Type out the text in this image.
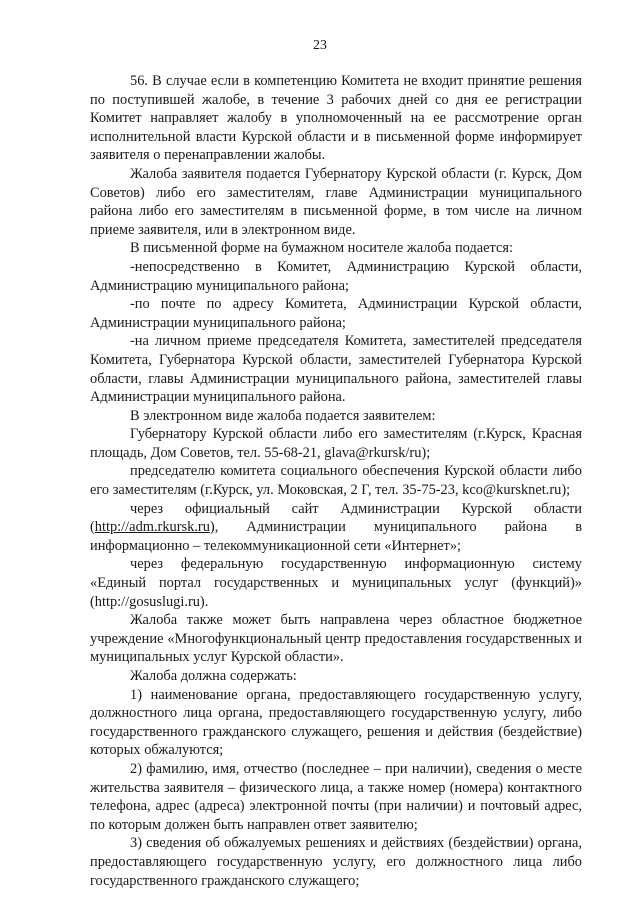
23

56. В случае если в компетенцию Комитета не входит принятие решения по поступившей жалобе, в течение 3 рабочих дней со дня ее регистрации Комитет направляет жалобу в уполномоченный на ее рассмотрение орган исполнительной власти Курской области и в письменной форме информирует заявителя о перенаправлении жалобы.

Жалоба заявителя подается Губернатору Курской области (г. Курск, Дом Советов) либо его заместителям, главе Администрации муниципального района либо его заместителям в письменной форме, в том числе на личном приеме заявителя, или в электронном виде.

В письменной форме на бумажном носителе жалоба подается:

-непосредственно в Комитет, Администрацию Курской области, Администрацию муниципального района;

-по почте по адресу Комитета, Администрации Курской области, Администрации муниципального района;

-на личном приеме председателя Комитета, заместителей председателя Комитета, Губернатора Курской области, заместителей Губернатора Курской области, главы Администрации муниципального района, заместителей главы Администрации муниципального района.

В электронном виде жалоба подается заявителем:

Губернатору Курской области либо его заместителям (г.Курск, Красная площадь, Дом Советов, тел. 55-68-21, glava@rkursk/ru);

председателю комитета социального обеспечения Курской области либо его заместителям (г.Курск, ул. Моковская, 2 Г, тел. 35-75-23, kco@kursknet.ru);

через официальный сайт Администрации Курской области (http://adm.rkursk.ru), Администрации муниципального района в информационно – телекоммуникационной сети «Интернет»;

через федеральную государственную информационную систему «Единый портал государственных и муниципальных услуг (функций)» (http://gosuslugi.ru).

Жалоба также может быть направлена через областное бюджетное учреждение «Многофункциональный центр предоставления государственных и муниципальных услуг Курской области».

Жалоба должна содержать:

1) наименование органа, предоставляющего государственную услугу, должностного лица органа, предоставляющего государственную услугу, либо государственного гражданского служащего, решения и действия (бездействие) которых обжалуются;

2) фамилию, имя, отчество (последнее – при наличии), сведения о месте жительства заявителя – физического лица, а также номер (номера) контактного телефона, адрес (адреса) электронной почты (при наличии) и почтовый адрес, по которым должен быть направлен ответ заявителю;

3) сведения об обжалуемых решениях и действиях (бездействии) органа, предоставляющего государственную услугу, его должностного лица либо государственного гражданского служащего;
